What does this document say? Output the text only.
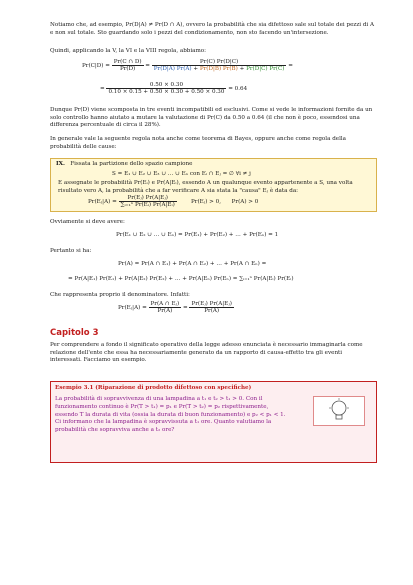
Notiamo che, ad esempio, Pr(D|A) ≠ Pr(D ∩ A), ovvero la probabilità che sia difettoso sale sul totale dei pezzi di A e non sul totale. Sto guardando solo i pezzi del condizionamento, non sto facendo un'intersezione.
Quindi, applicando la V, la VI e la VIII regola, abbiamo:
$Pr(C|D) = \frac{Pr(C \cap D)}{Pr(D)} = \frac{Pr(C) Pr(D|C)}{Pr(D|A) Pr(A) + Pr(D|B) Pr(B) + Pr(D|C) Pr(C)}$ =
= $\frac{0.50 \times 0.30}{0.10 \times 0.15 + 0.50 \times 0.30 + 0.50 \times 0.30} = 0.64$
Dunque Pr(D) viene scomposta in tre eventi incompatibili ed esclusivi. Come si vede le informazioni fornite da un solo controllo hanno aiutato a mutare la valutazione di Pr(C) da 0.50 a 0.64 (il che non è poco, essendosi una differenza percentuale di circa il 28%).
In generale vale la seguente regola nota anche come teorema di Bayes, oppure anche come regola della probabilità delle cause:
IX. Fissata la partizione dello spazio campione
S = E₁ ∪ E₂ ∪ E₃ ∪ … ∪ Eₙ con Eᵢ ∩ Eⱼ = ∅ ∀i ≠ j
E assegnate le probabilità Pr(Eᵢ) e Pr(A|Eᵢ), essendo A un qualunque evento appartenente a S, una volta risultato vero A, la probabilità che a far verificare A sia stata la "causa" Eⱼ è data da:
Pr(Eⱼ|A) = $\frac{\text{Pr(Eⱼ) Pr(A|Eⱼ)}}{\text{∑ᵢ₌₁ⁿ Pr(Eᵢ) Pr(A|Eᵢ)}}$	Pr(Eⱼ) > 0, Pr(A) > 0
Ovviamente si deve avere:
Pr(E₁ ∪ E₂ ∪ … ∪ Eₙ) = Pr(E₁) + Pr(E₂) + … + Pr(Eₙ) = 1
Pertanto si ha:
Pr(A) = Pr(A ∩ E₁) + Pr(A ∩ E₂) + … + Pr(A ∩ Eₙ) =
= Pr(A|E₁) Pr(E₁) + Pr(A|E₂) Pr(E₂) + … + Pr(A|Eₙ) Pr(Eₙ) = ∑ᵢ₌₁ⁿ Pr(A|Eᵢ) Pr(Eᵢ)
Che rappresenta proprio il denominatore. Infatti:
Pr(Eⱼ|A) = $\frac{\text{Pr(A ∩ Eⱼ)}}{Pr(A)} = \frac{\text{Pr(Eⱼ) Pr(A|Eⱼ)}}{Pr(A)}$
Capitolo 3
Per comprendere a fondo il significato operativo della legge adesso enunciata è necessario immaginarla come relazione dell'ente che essa ha necessariamente generato da un rapporto di causa-effetto tra gli eventi interessati. Facciamo un esempio.
Esempio 3.1 (Riparazione di prodotto difettoso con specifiche)
La probabilità di sopravvivenza di una lampadina a t₁ e t₂ > t₁ > 0. Con il funzionamento continuo è Pr(T > t₁) = p₁ e Pr(T > t₂) = p₂ rispettivamente, essendo T la durata di vita (ossia la durata di buon funzionamento) e p₂ < p₁ < 1. Ci informano che la lampadina è sopravvissuta a t₁ ore. Quanto valutiamo la probabilità che sopravviva anche a t₂ ore?
